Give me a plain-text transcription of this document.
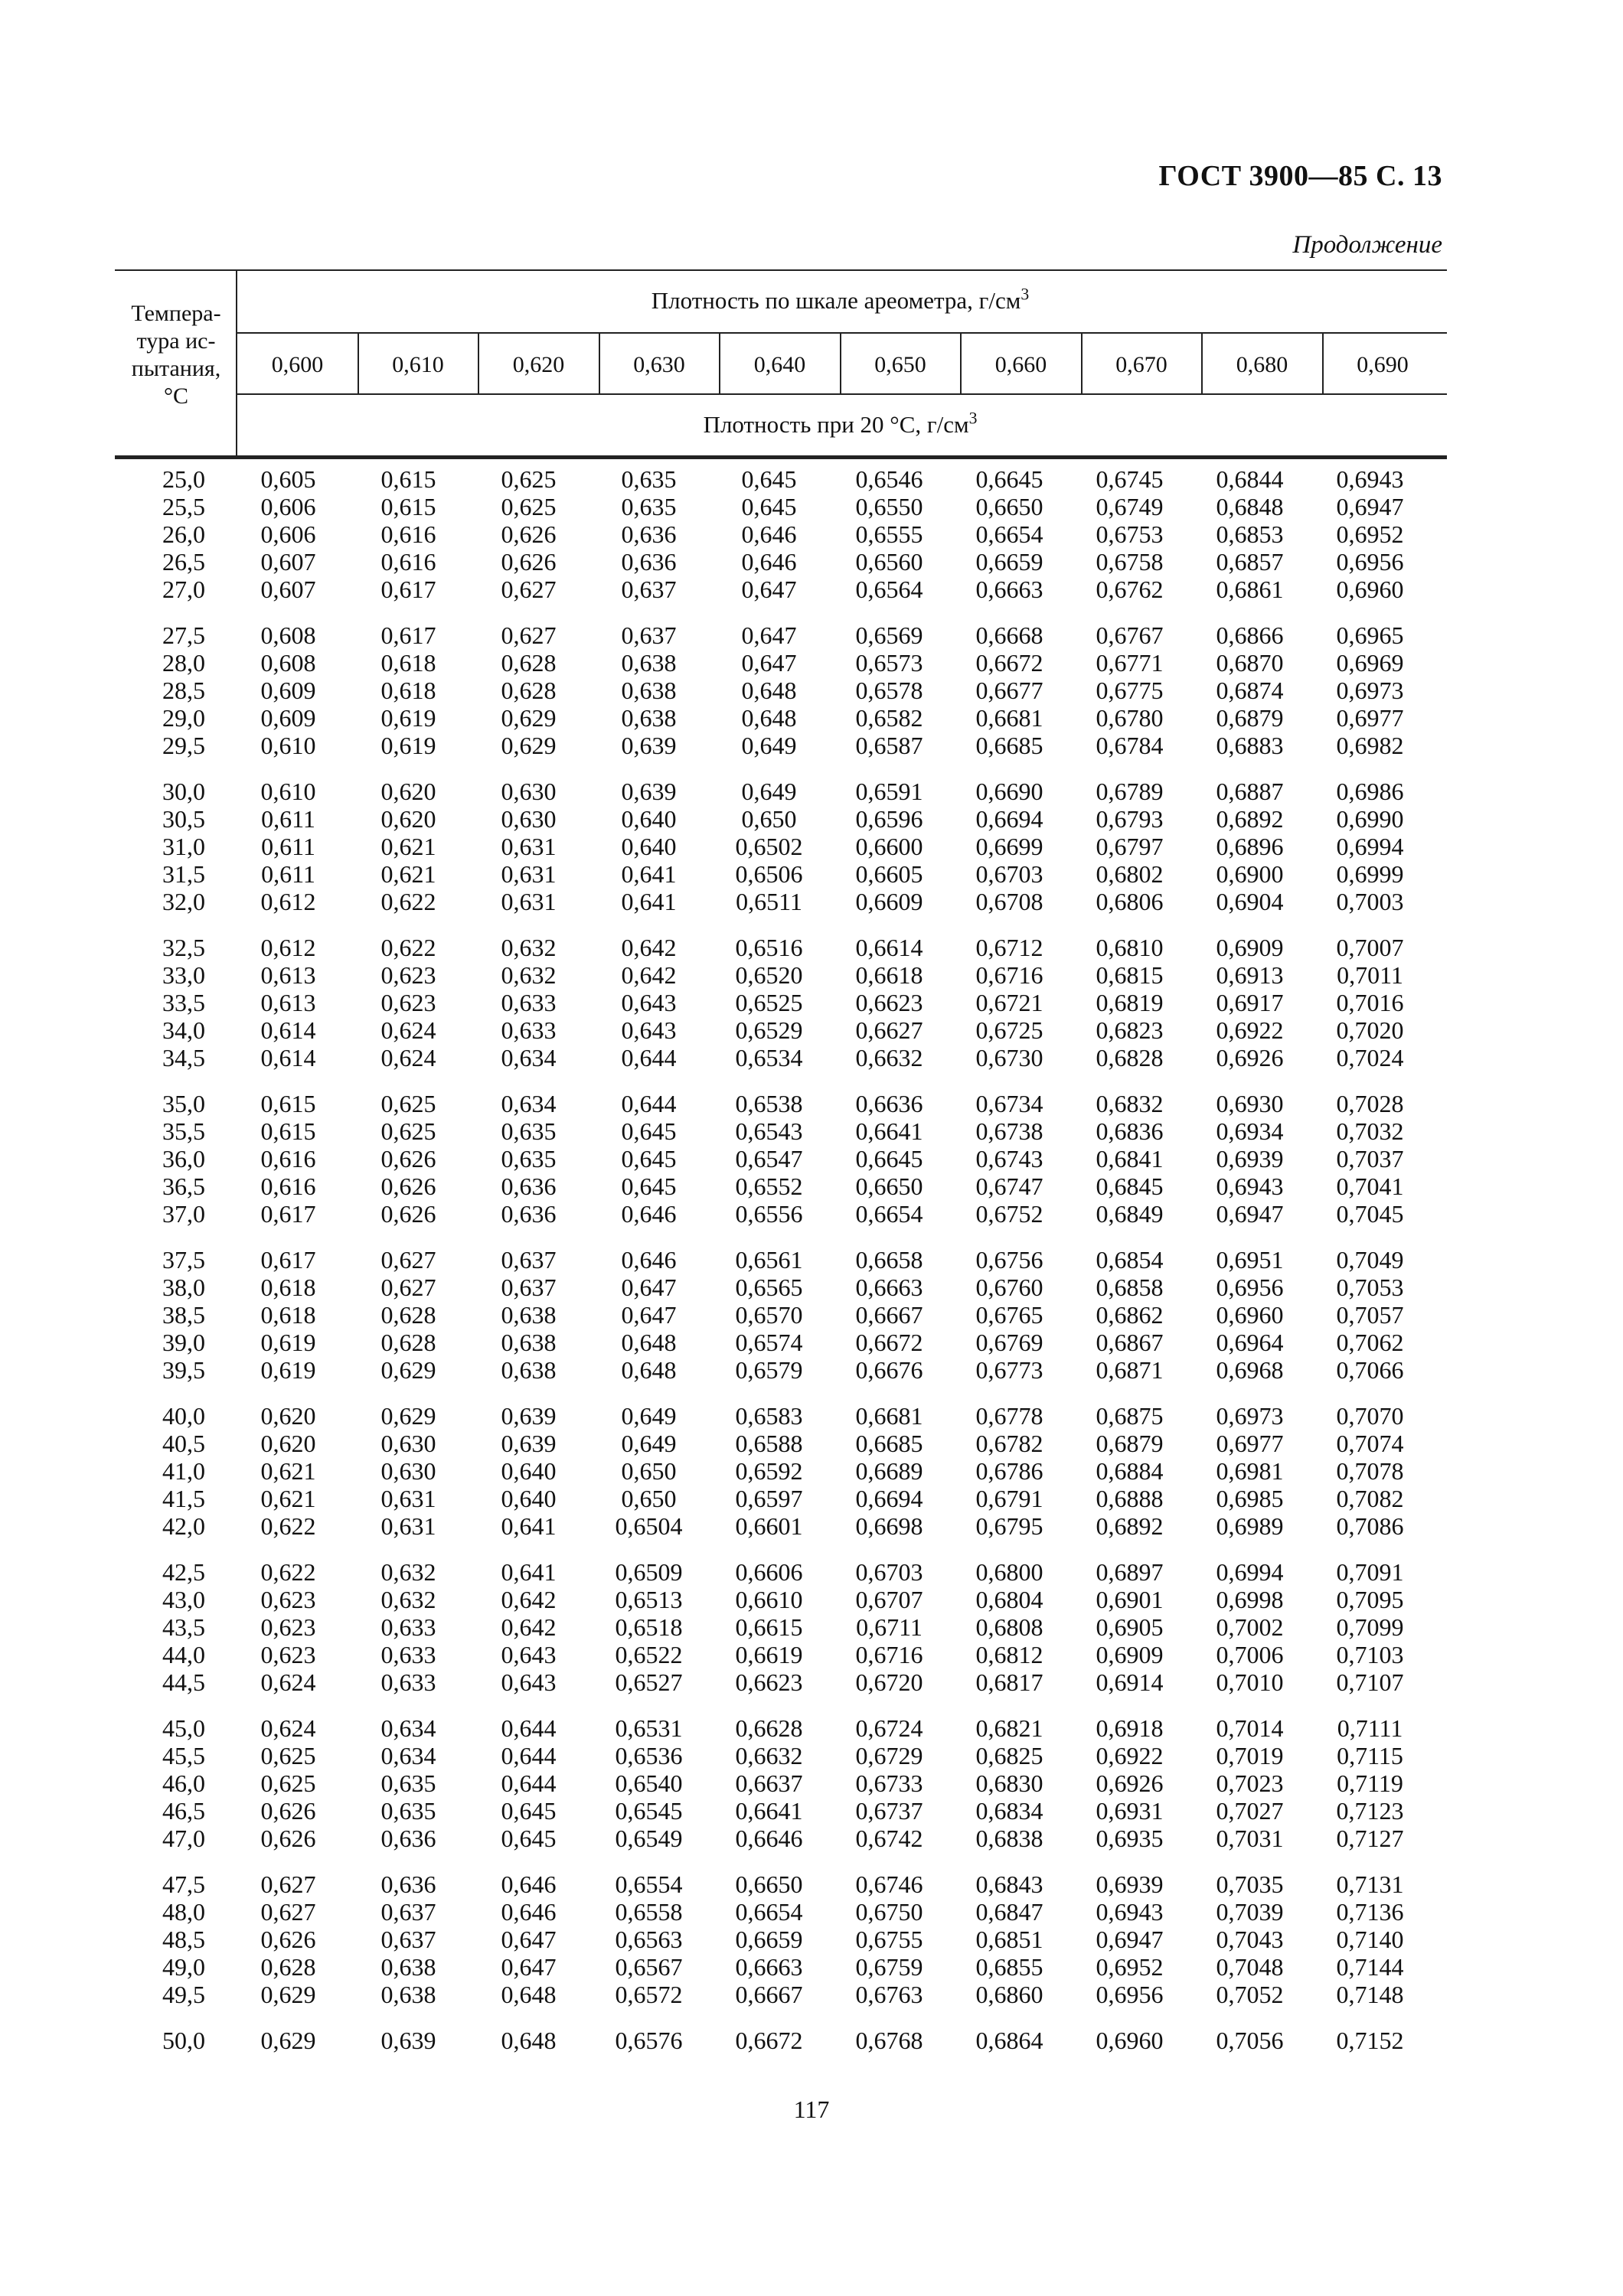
ГОСТ 3900—85 С. 13
Продолжение
Темпера-
тура ис-
пытания,
°С
Плотность по шкале ареометра, $г/см^3$
0,600	0,610	0,620	0,630	0,640	0,650	0,660	0,670	0,680	0,690
Плотность при 20 °С, $г/см^3$
25,0	0,605	0,615	0,625	0,635	0,645	0,6546	0,6645	0,6745	0,6844	0,6943
25,5	0,606	0,615	0,625	0,635	0,645	0,6550	0,6650	0,6749	0,6848	0,6947
26,0	0,606	0,616	0,626	0,636	0,646	0,6555	0,6654	0,6753	0,6853	0,6952
26,5	0,607	0,616	0,626	0,636	0,646	0,6560	0,6659	0,6758	0,6857	0,6956
27,0	0,607	0,617	0,627	0,637	0,647	0,6564	0,6663	0,6762	0,6861	0,6960
27,5	0,608	0,617	0,627	0,637	0,647	0,6569	0,6668	0,6767	0,6866	0,6965
28,0	0,608	0,618	0,628	0,638	0,647	0,6573	0,6672	0,6771	0,6870	0,6969
28,5	0,609	0,618	0,628	0,638	0,648	0,6578	0,6677	0,6775	0,6874	0,6973
29,0	0,609	0,619	0,629	0,638	0,648	0,6582	0,6681	0,6780	0,6879	0,6977
29,5	0,610	0,619	0,629	0,639	0,649	0,6587	0,6685	0,6784	0,6883	0,6982
30,0	0,610	0,620	0,630	0,639	0,649	0,6591	0,6690	0,6789	0,6887	0,6986
30,5	0,611	0,620	0,630	0,640	0,650	0,6596	0,6694	0,6793	0,6892	0,6990
31,0	0,611	0,621	0,631	0,640	0,6502	0,6600	0,6699	0,6797	0,6896	0,6994
31,5	0,611	0,621	0,631	0,641	0,6506	0,6605	0,6703	0,6802	0,6900	0,6999
32,0	0,612	0,622	0,631	0,641	0,6511	0,6609	0,6708	0,6806	0,6904	0,7003
32,5	0,612	0,622	0,632	0,642	0,6516	0,6614	0,6712	0,6810	0,6909	0,7007
33,0	0,613	0,623	0,632	0,642	0,6520	0,6618	0,6716	0,6815	0,6913	0,7011
33,5	0,613	0,623	0,633	0,643	0,6525	0,6623	0,6721	0,6819	0,6917	0,7016
34,0	0,614	0,624	0,633	0,643	0,6529	0,6627	0,6725	0,6823	0,6922	0,7020
34,5	0,614	0,624	0,634	0,644	0,6534	0,6632	0,6730	0,6828	0,6926	0,7024
35,0	0,615	0,625	0,634	0,644	0,6538	0,6636	0,6734	0,6832	0,6930	0,7028
35,5	0,615	0,625	0,635	0,645	0,6543	0,6641	0,6738	0,6836	0,6934	0,7032
36,0	0,616	0,626	0,635	0,645	0,6547	0,6645	0,6743	0,6841	0,6939	0,7037
36,5	0,616	0,626	0,636	0,645	0,6552	0,6650	0,6747	0,6845	0,6943	0,7041
37,0	0,617	0,626	0,636	0,646	0,6556	0,6654	0,6752	0,6849	0,6947	0,7045
37,5	0,617	0,627	0,637	0,646	0,6561	0,6658	0,6756	0,6854	0,6951	0,7049
38,0	0,618	0,627	0,637	0,647	0,6565	0,6663	0,6760	0,6858	0,6956	0,7053
38,5	0,618	0,628	0,638	0,647	0,6570	0,6667	0,6765	0,6862	0,6960	0,7057
39,0	0,619	0,628	0,638	0,648	0,6574	0,6672	0,6769	0,6867	0,6964	0,7062
39,5	0,619	0,629	0,638	0,648	0,6579	0,6676	0,6773	0,6871	0,6968	0,7066
40,0	0,620	0,629	0,639	0,649	0,6583	0,6681	0,6778	0,6875	0,6973	0,7070
40,5	0,620	0,630	0,639	0,649	0,6588	0,6685	0,6782	0,6879	0,6977	0,7074
41,0	0,621	0,630	0,640	0,650	0,6592	0,6689	0,6786	0,6884	0,6981	0,7078
41,5	0,621	0,631	0,640	0,650	0,6597	0,6694	0,6791	0,6888	0,6985	0,7082
42,0	0,622	0,631	0,641	0,6504	0,6601	0,6698	0,6795	0,6892	0,6989	0,7086
42,5	0,622	0,632	0,641	0,6509	0,6606	0,6703	0,6800	0,6897	0,6994	0,7091
43,0	0,623	0,632	0,642	0,6513	0,6610	0,6707	0,6804	0,6901	0,6998	0,7095
43,5	0,623	0,633	0,642	0,6518	0,6615	0,6711	0,6808	0,6905	0,7002	0,7099
44,0	0,623	0,633	0,643	0,6522	0,6619	0,6716	0,6812	0,6909	0,7006	0,7103
44,5	0,624	0,633	0,643	0,6527	0,6623	0,6720	0,6817	0,6914	0,7010	0,7107
45,0	0,624	0,634	0,644	0,6531	0,6628	0,6724	0,6821	0,6918	0,7014	0,7111
45,5	0,625	0,634	0,644	0,6536	0,6632	0,6729	0,6825	0,6922	0,7019	0,7115
46,0	0,625	0,635	0,644	0,6540	0,6637	0,6733	0,6830	0,6926	0,7023	0,7119
46,5	0,626	0,635	0,645	0,6545	0,6641	0,6737	0,6834	0,6931	0,7027	0,7123
47,0	0,626	0,636	0,645	0,6549	0,6646	0,6742	0,6838	0,6935	0,7031	0,7127
47,5	0,627	0,636	0,646	0,6554	0,6650	0,6746	0,6843	0,6939	0,7035	0,7131
48,0	0,627	0,637	0,646	0,6558	0,6654	0,6750	0,6847	0,6943	0,7039	0,7136
48,5	0,626	0,637	0,647	0,6563	0,6659	0,6755	0,6851	0,6947	0,7043	0,7140
49,0	0,628	0,638	0,647	0,6567	0,6663	0,6759	0,6855	0,6952	0,7048	0,7144
49,5	0,629	0,638	0,648	0,6572	0,6667	0,6763	0,6860	0,6956	0,7052	0,7148
50,0	0,629	0,639	0,648	0,6576	0,6672	0,6768	0,6864	0,6960	0,7056	0,7152
117
